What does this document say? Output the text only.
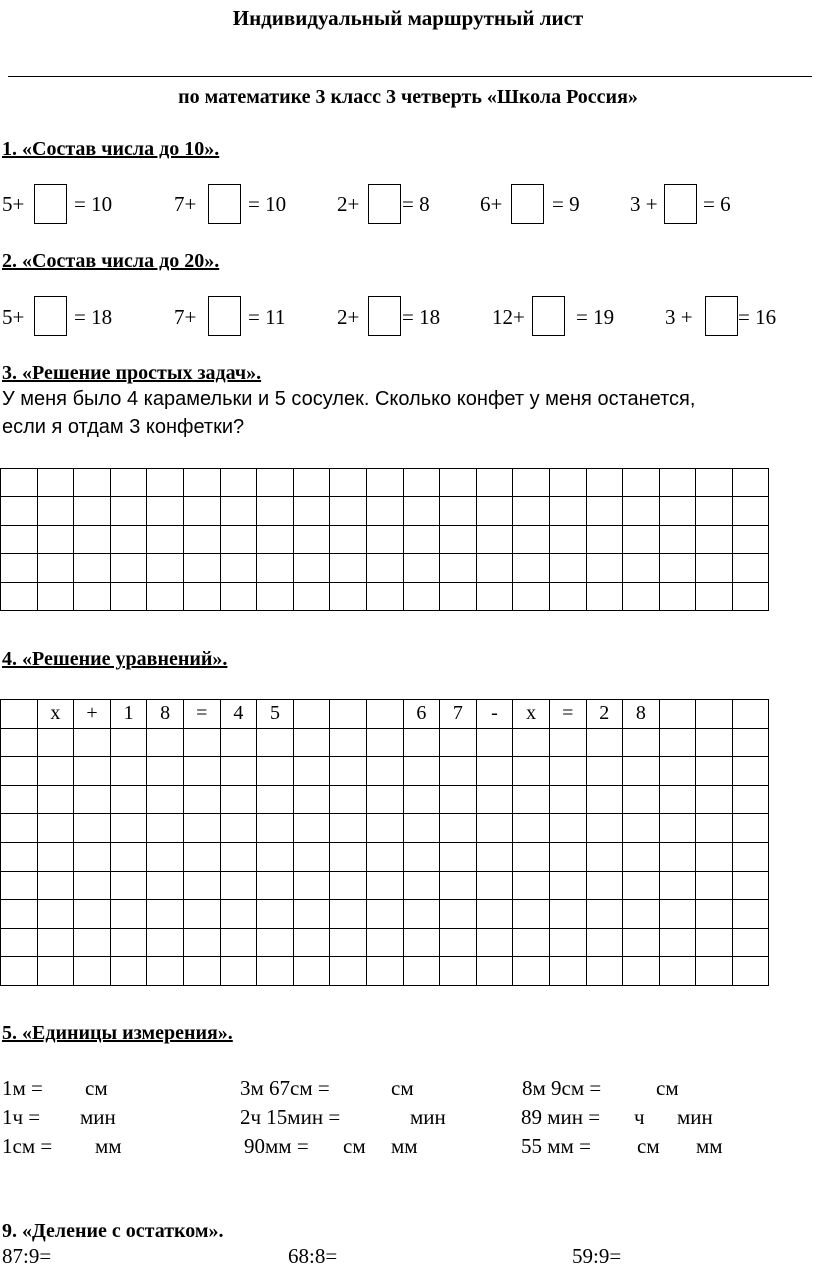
Индивидуальный маршрутный лист
по математике 3 класс 3 четверть «Школа Россия»
1. «Состав числа до 10».
5+ = 10	7+ = 10 2+ = 8 6+ = 9 3 + = 6
2. «Состав числа до 20».
5+ = 18	7+ = 11 2+ = 18 12+ = 19 3 + = 16
3. «Решение простых задач».
У меня было 4 карамельки и 5 сосулек. Сколько конфет у меня останется,
если я отдам 3 конфетки?

4. «Решение уравнений».
	х	+	1	8	=	4	5				6	7	-	х	=	2	8			

5. «Единицы измерения».
1м = см	3м 67см =	см	8м 9см =	см
1ч = мин	2ч 15мин =	мин	89 мин = ч мин
1см = мм	90мм = см мм	55 мм = см мм
9. «Деление с остатком».
87:9=	68:8=	59:9=
